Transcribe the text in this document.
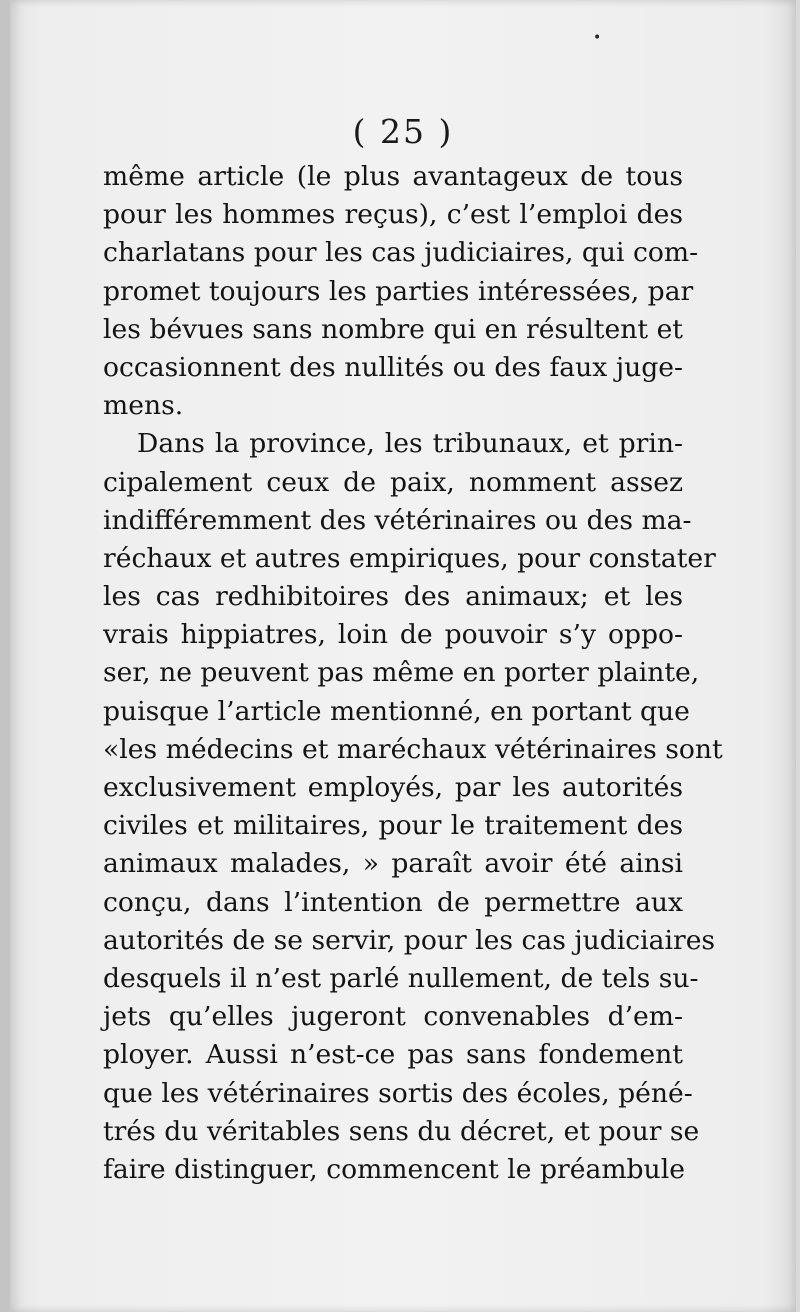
( 25 )
même article (le plus avantageux de tous
pour les hommes reçus), c’est l’emploi des
charlatans pour les cas judiciaires, qui com-
promet toujours les parties intéressées, par
les bévues sans nombre qui en résultent et
occasionnent des nullités ou des faux juge-
mens.
Dans la province, les tribunaux, et prin-
cipalement ceux de paix, nomment assez
indifféremment des vétérinaires ou des ma-
réchaux et autres empiriques, pour constater
les cas redhibitoires des animaux; et les
vrais hippiatres, loin de pouvoir s’y oppo-
ser, ne peuvent pas même en porter plainte,
puisque l’article mentionné, en portant que
«les médecins et maréchaux vétérinaires sont
exclusivement employés, par les autorités
civiles et militaires, pour le traitement des
animaux malades, » paraît avoir été ainsi
conçu, dans l’intention de permettre aux
autorités de se servir, pour les cas judiciaires
desquels il n’est parlé nullement, de tels su-
jets qu’elles jugeront convenables d’em-
ployer. Aussi n’est-ce pas sans fondement
que les vétérinaires sortis des écoles, péné-
trés du véritables sens du décret, et pour se
faire distinguer, commencent le préambule
•
